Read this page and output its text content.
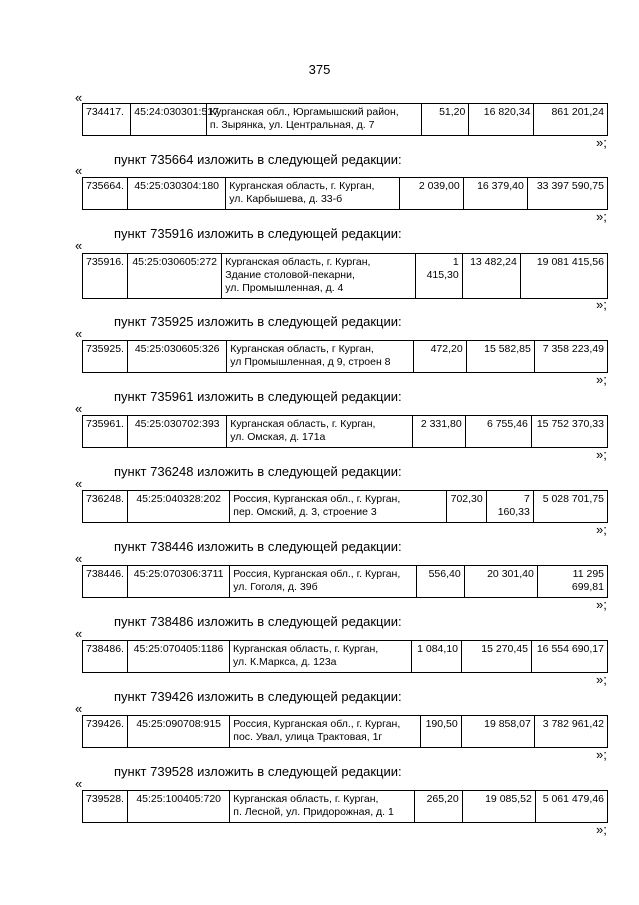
375
«
734417.	45:24:030301:517	
Курганская обл., Юргамышский район,
п. Зырянка, ул. Центральная, д. 7
	51,20	16 820,34	861 201,24
»;
пункт 735664 изложить в следующей редакции:
«
735664.	45:25:030304:180	Курганская область, г. Курган,
ул. Карбышева, д. 33-б
	2 039,00	16 379,40	33 397 590,75
»;
пункт 735916 изложить в следующей редакции:
«
735916.	45:25:030605:272	Курганская область, г. Курган,
Здание столовой-пекарни,
ул. Промышленная, д. 4
	1 415,30	13 482,24	19 081 415,56
»;
пункт 735925 изложить в следующей редакции:
«
735925.	45:25:030605:326	Курганская область, г Курган,
ул Промышленная, д 9, строен 8
	472,20	15 582,85	7 358 223,49
»;
пункт 735961 изложить в следующей редакции:
«
735961.	45:25:030702:393	Курганская область, г. Курган,
ул. Омская, д. 171а
	2 331,80	6 755,46	15 752 370,33
»;
пункт 736248 изложить в следующей редакции:
«
736248.	45:25:040328:202	Россия, Курганская обл., г. Курган,
пер. Омский, д. 3, строение 3
	702,30	7 160,33	5 028 701,75
»;
пункт 738446 изложить в следующей редакции:
«
738446.	45:25:070306:3711	Россия, Курганская обл., г. Курган,
ул. Гоголя, д. 39б
	556,40	20 301,40	11 295 699,81
»;
пункт 738486 изложить в следующей редакции:
«
738486.	45:25:070405:1186	Курганская область, г. Курган,
ул. К.Маркса, д. 123а
	1 084,10	15 270,45	16 554 690,17
»;
пункт 739426 изложить в следующей редакции:
«
739426.	45:25:090708:915	Россия, Курганская обл., г. Курган,
пос. Увал, улица Трактовая, 1г
	190,50	19 858,07	3 782 961,42
»;
пункт 739528 изложить в следующей редакции:
«
739528.	45:25:100405:720	Курганская область, г. Курган,
п. Лесной, ул. Придорожная, д. 1
	265,20	19 085,52	5 061 479,46
»;
